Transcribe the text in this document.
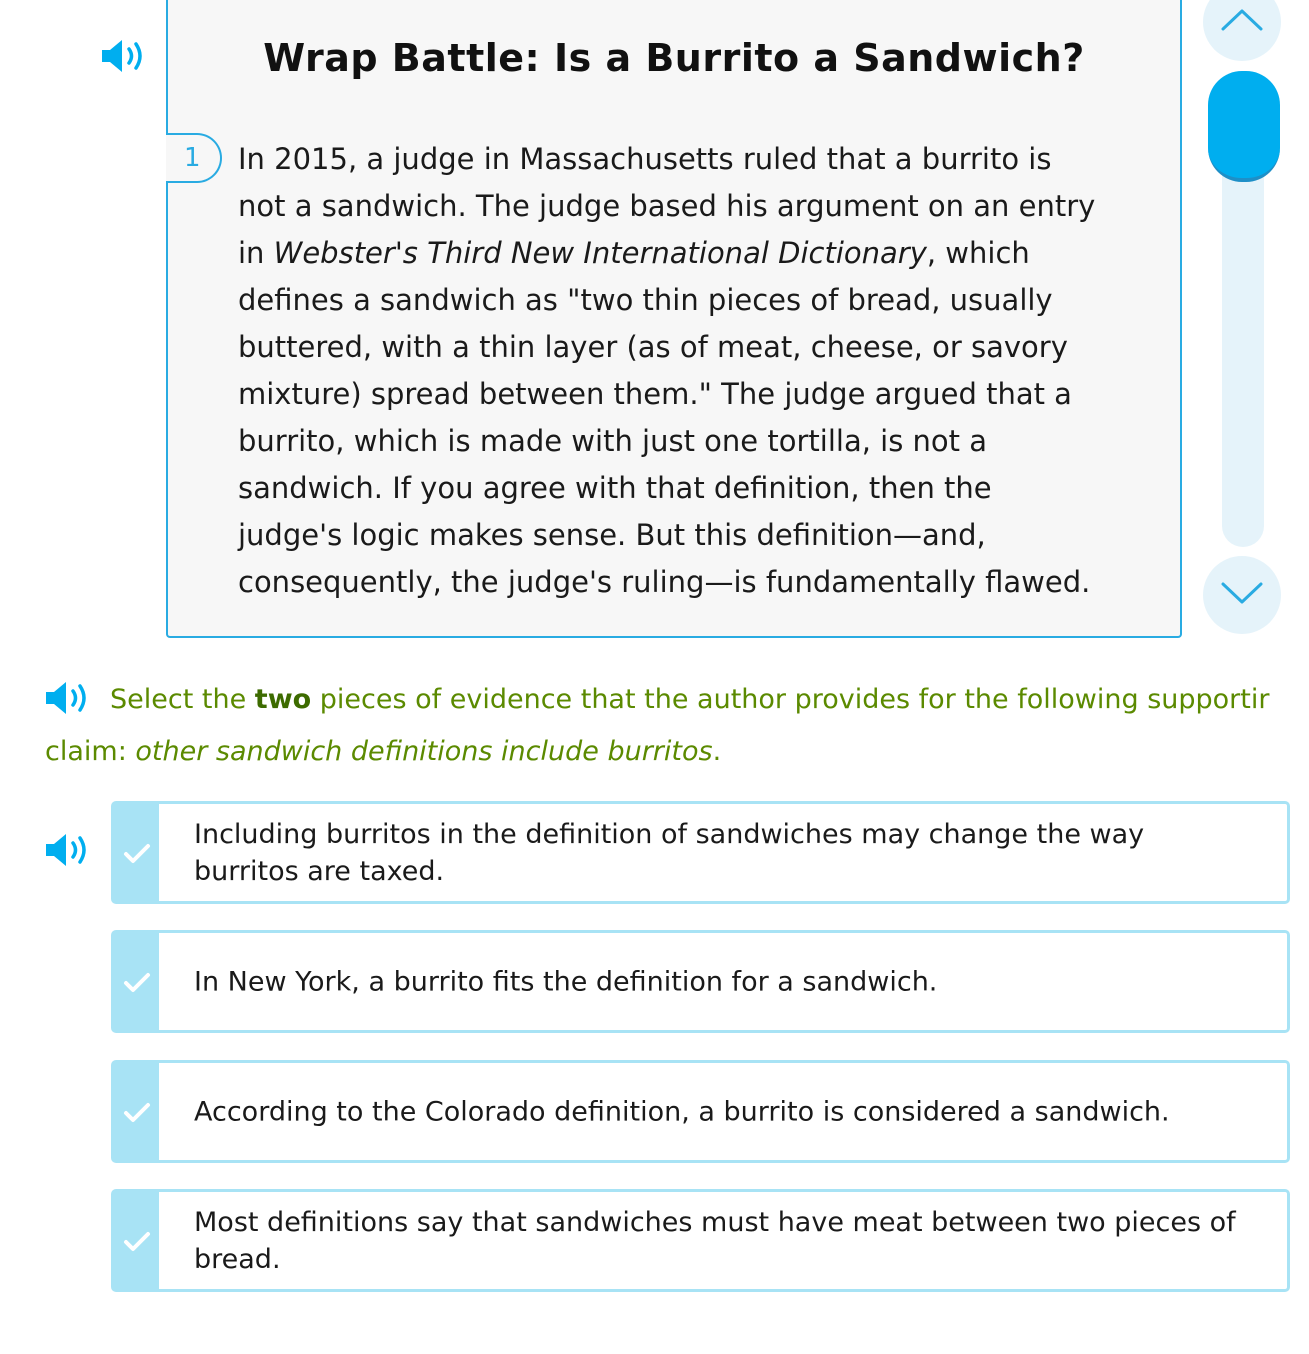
Wrap Battle: Is a Burrito a Sandwich?
1	In 2015, a judge in Massachusetts ruled that a burrito is
not a sandwich. The judge based his argument on an entry
in Webster's Third New International Dictionary, which
defines a sandwich as "two thin pieces of bread, usually
buttered, with a thin layer (as of meat, cheese, or savory
mixture) spread between them." The judge argued that a
burrito, which is made with just one tortilla, is not a
sandwich. If you agree with that definition, then the
judge's logic makes sense. But this definition—and,
consequently, the judge's ruling—is fundamentally flawed.
Select the two pieces of evidence that the author provides for the following supportir
claim: other sandwich definitions include burritos.
Including burritos in the definition of sandwiches may change the way burritos are taxed.
In New York, a burrito fits the definition for a sandwich.
According to the Colorado definition, a burrito is considered a sandwich.
Most definitions say that sandwiches must have meat between two pieces of bread.
